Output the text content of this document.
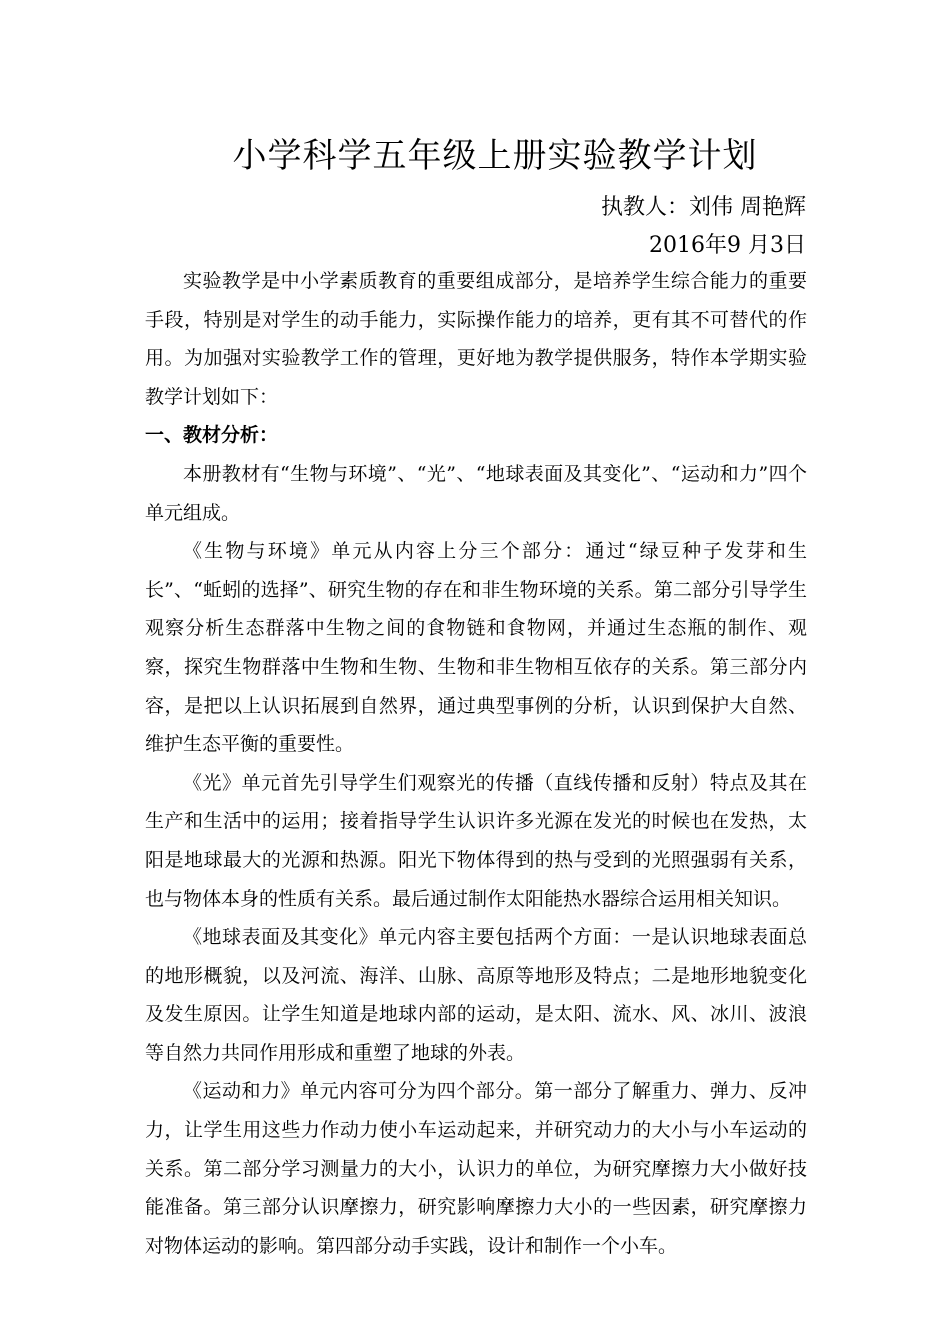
小学科学五年级上册实验教学计划
执教人：刘伟 周艳辉
2016年9 月3日

实验教学是中小学素质教育的重要组成部分，是培养学生综合能力的重要手段，特别是对学生的动手能力，实际操作能力的培养，更有其不可替代的作用。为加强对实验教学工作的管理，更好地为教学提供服务，特作本学期实验教学计划如下：

一、教材分析：

本册教材有“生物与环境”、“光”、“地球表面及其变化”、“运动和力”四个单元组成。

《生物与环境》单元从内容上分三个部分：通过“绿豆种子发芽和生长”、“蚯蚓的选择”、研究生物的存在和非生物环境的关系。第二部分引导学生观察分析生态群落中生物之间的食物链和食物网，并通过生态瓶的制作、观察，探究生物群落中生物和生物、生物和非生物相互依存的关系。第三部分内容，是把以上认识拓展到自然界，通过典型事例的分析，认识到保护大自然、维护生态平衡的重要性。

《光》单元首先引导学生们观察光的传播（直线传播和反射）特点及其在生产和生活中的运用；接着指导学生认识许多光源在发光的时候也在发热，太阳是地球最大的光源和热源。阳光下物体得到的热与受到的光照强弱有关系，也与物体本身的性质有关系。最后通过制作太阳能热水器综合运用相关知识。

《地球表面及其变化》单元内容主要包括两个方面：一是认识地球表面总的地形概貌，以及河流、海洋、山脉、高原等地形及特点；二是地形地貌变化及发生原因。让学生知道是地球内部的运动，是太阳、流水、风、冰川、波浪等自然力共同作用形成和重塑了地球的外表。

《运动和力》单元内容可分为四个部分。第一部分了解重力、弹力、反冲力，让学生用这些力作动力使小车运动起来，并研究动力的大小与小车运动的关系。第二部分学习测量力的大小，认识力的单位，为研究摩擦力大小做好技能准备。第三部分认识摩擦力，研究影响摩擦力大小的一些因素，研究摩擦力对物体运动的影响。第四部分动手实践，设计和制作一个小车。
